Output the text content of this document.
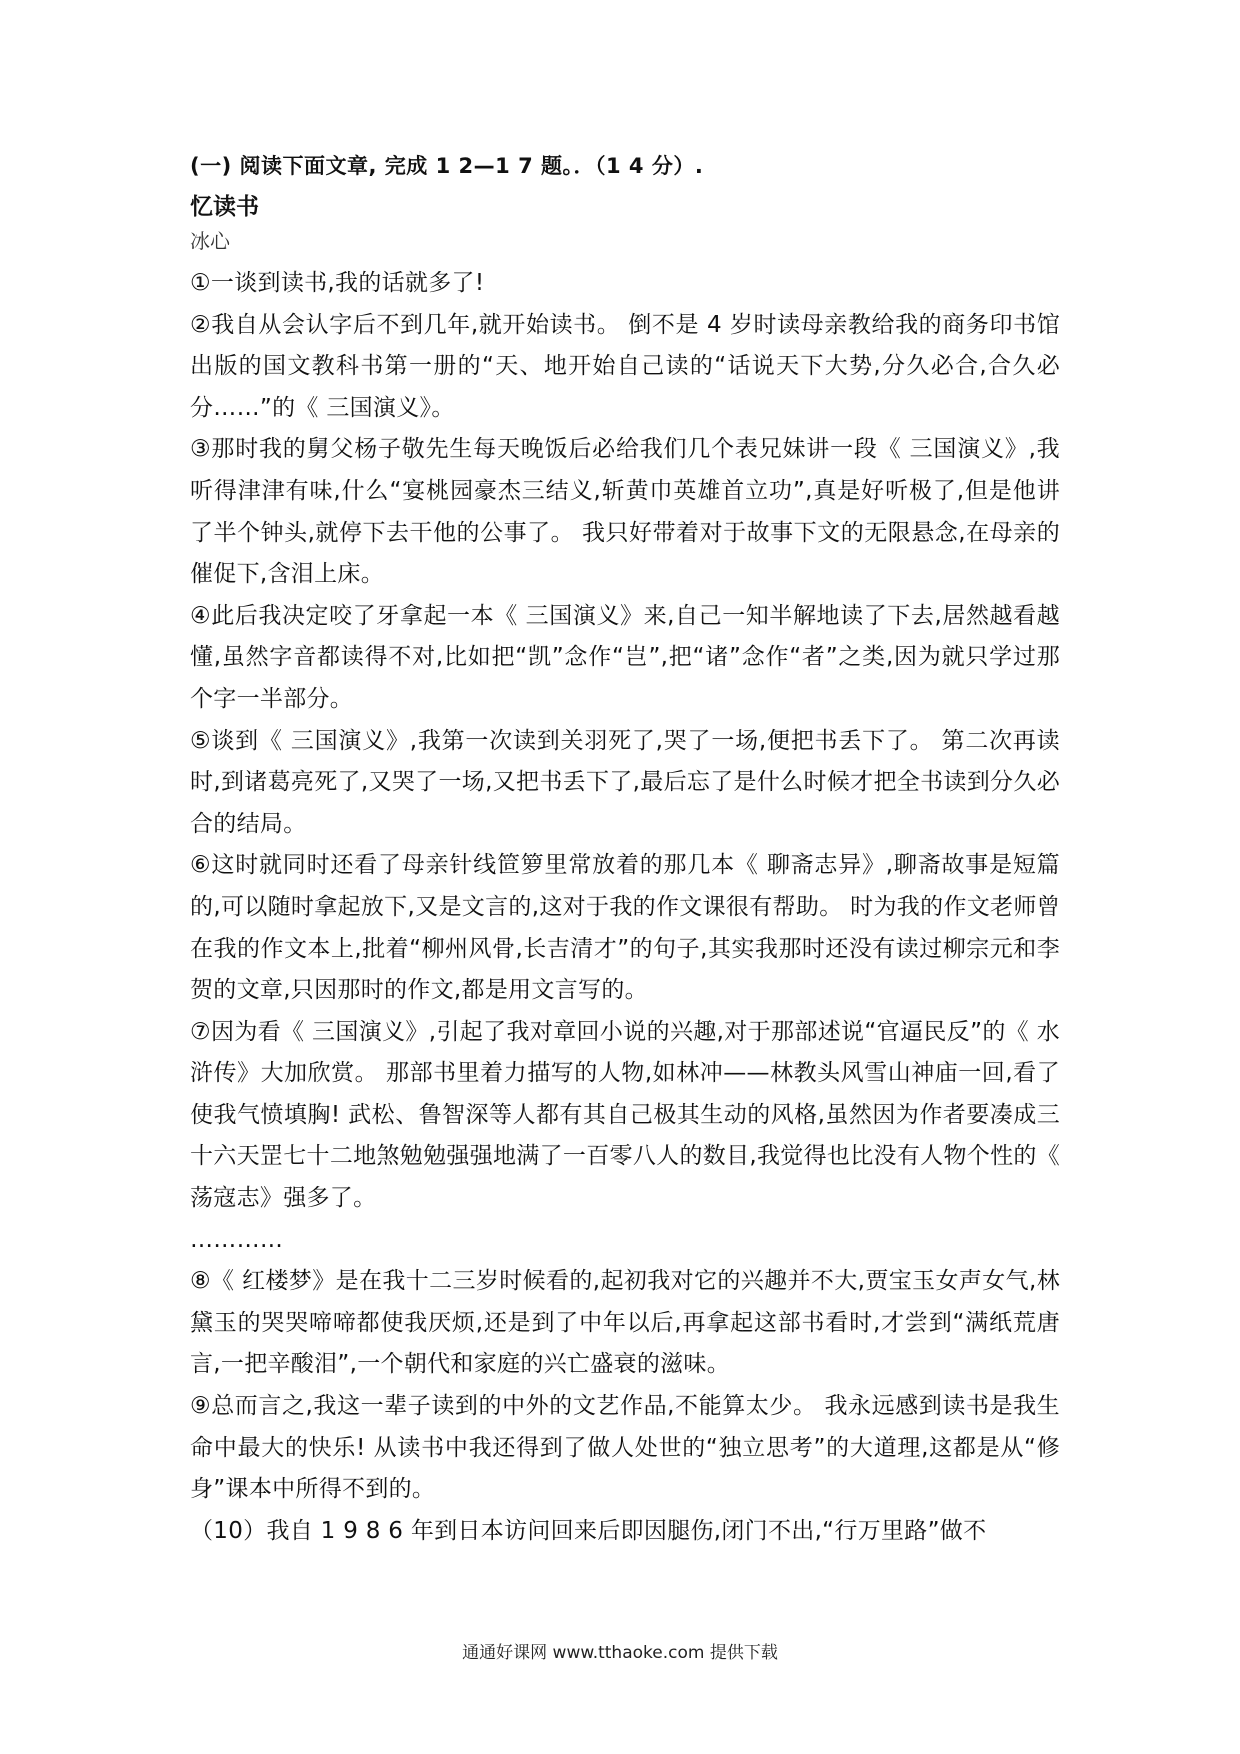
(一) 阅读下面文章, 完成 1 2—1 7 题。．（1 4 分）.
忆读书
冰心

①一谈到读书,我的话就多了!

②我自从会认字后不到几年,就开始读书。 倒不是 4 岁时读母亲教给我的商务印书馆出版的国文教科书第一册的“天、地开始自己读的“话说天下大势,分久必合,合久必分……”的《 三国演义》。

③那时我的舅父杨子敬先生每天晚饭后必给我们几个表兄妹讲一段《 三国演义》,我听得津津有味,什么“宴桃园豪杰三结义,斩黄巾英雄首立功”,真是好听极了,但是他讲了半个钟头,就停下去干他的公事了。 我只好带着对于故事下文的无限悬念,在母亲的催促下,含泪上床。

④此后我决定咬了牙拿起一本《 三国演义》来,自己一知半解地读了下去,居然越看越懂,虽然字音都读得不对,比如把“凯”念作“岂”,把“诸”念作“者”之类,因为就只学过那个字一半部分。

⑤谈到《 三国演义》,我第一次读到关羽死了,哭了一场,便把书丢下了。 第二次再读时,到诸葛亮死了,又哭了一场,又把书丢下了,最后忘了是什么时候才把全书读到分久必合的结局。

⑥这时就同时还看了母亲针线笸箩里常放着的那几本《 聊斋志异》,聊斋故事是短篇的,可以随时拿起放下,又是文言的,这对于我的作文课很有帮助。 时为我的作文老师曾在我的作文本上,批着“柳州风骨,长吉清才”的句子,其实我那时还没有读过柳宗元和李贺的文章,只因那时的作文,都是用文言写的。

⑦因为看《 三国演义》,引起了我对章回小说的兴趣,对于那部述说“官逼民反”的《 水浒传》大加欣赏。 那部书里着力描写的人物,如林冲——林教头风雪山神庙一回,看了使我气愤填胸! 武松、鲁智深等人都有其自己极其生动的风格,虽然因为作者要凑成三十六天罡七十二地煞勉勉强强地满了一百零八人的数目,我觉得也比没有人物个性的《 荡寇志》强多了。

…………

⑧《 红楼梦》是在我十二三岁时候看的,起初我对它的兴趣并不大,贾宝玉女声女气,林黛玉的哭哭啼啼都使我厌烦,还是到了中年以后,再拿起这部书看时,才尝到“满纸荒唐言,一把辛酸泪”,一个朝代和家庭的兴亡盛衰的滋味。

⑨总而言之,我这一辈子读到的中外的文艺作品,不能算太少。 我永远感到读书是我生命中最大的快乐! 从读书中我还得到了做人处世的“独立思考”的大道理,这都是从“修身”课本中所得不到的。

（10）我自 1 9 8 6 年到日本访问回来后即因腿伤,闭门不出,“行万里路”做不

通通好课网 www.tthaoke.com 提供下载
